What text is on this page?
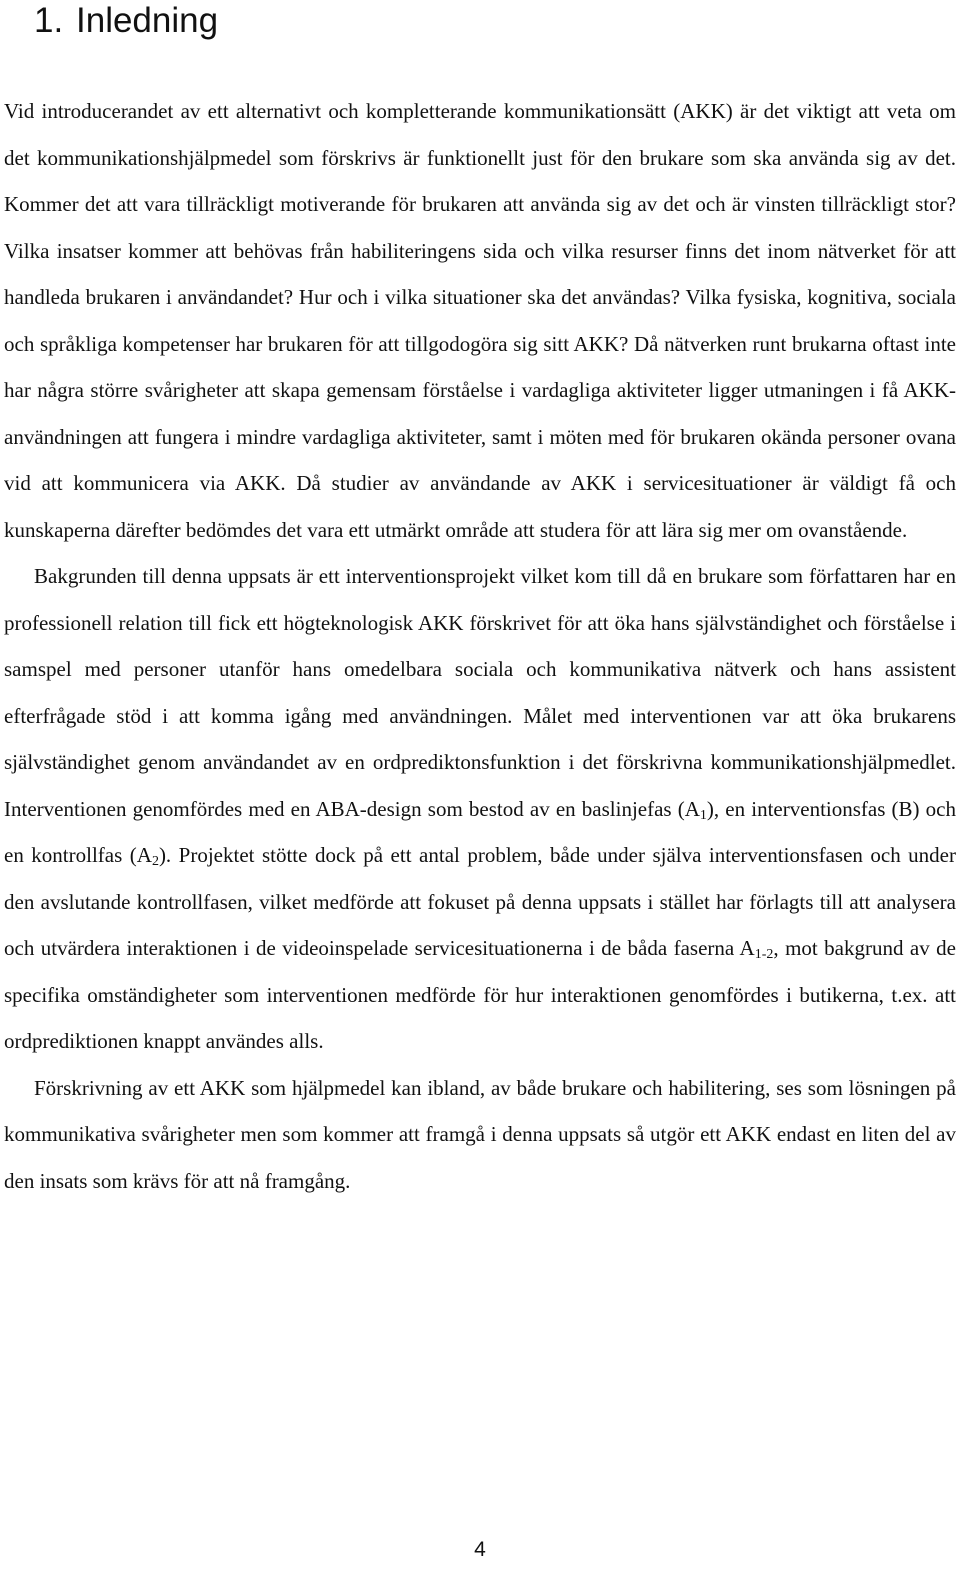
1. Inledning

Vid introducerandet av ett alternativt och kompletterande kommunikationsätt (AKK) är det viktigt att veta om det kommunikationshjälpmedel som förskrivs är funktionellt just för den brukare som ska använda sig av det. Kommer det att vara tillräckligt motiverande för brukaren att använda sig av det och är vinsten tillräckligt stor? Vilka insatser kommer att behövas från habiliteringens sida och vilka resurser finns det inom nätverket för att handleda brukaren i användandet? Hur och i vilka situationer ska det användas? Vilka fysiska, kognitiva, sociala och språkliga kompetenser har brukaren för att tillgodogöra sig sitt AKK? Då nätverken runt brukarna oftast inte har några större svårigheter att skapa gemensam förståelse i vardagliga aktiviteter ligger utmaningen i få AKK-användningen att fungera i mindre vardagliga aktiviteter, samt i möten med för brukaren okända personer ovana vid att kommunicera via AKK. Då studier av användande av AKK i servicesituationer är väldigt få och kunskaperna därefter bedömdes det vara ett utmärkt område att studera för att lära sig mer om ovanstående.

Bakgrunden till denna uppsats är ett interventionsprojekt vilket kom till då en brukare som författaren har en professionell relation till fick ett högteknologisk AKK förskrivet för att öka hans självständighet och förståelse i samspel med personer utanför hans omedelbara sociala och kommunikativa nätverk och hans assistent efterfrågade stöd i att komma igång med användningen. Målet med interventionen var att öka brukarens självständighet genom användandet av en ordprediktonsfunktion i det förskrivna kommunikationshjälpmedlet. Interventionen genomfördes med en ABA-design som bestod av en baslinjefas $(A_1)$, en interventionsfas (B) och en kontrollfas $(A_2)$. Projektet stötte dock på ett antal problem, både under själva interventionsfasen och under den avslutande kontrollfasen, vilket medförde att fokuset på denna uppsats i stället har förlagts till att analysera och utvärdera interaktionen i de videoinspelade servicesituationerna i de båda faserna $A_{1-2}$, mot bakgrund av de specifika omständigheter som interventionen medförde för hur interaktionen genomfördes i butikerna, t.ex. att ordprediktionen knappt användes alls.

Förskrivning av ett AKK som hjälpmedel kan ibland, av både brukare och habilitering, ses som lösningen på kommunikativa svårigheter men som kommer att framgå i denna uppsats så utgör ett AKK endast en liten del av den insats som krävs för att nå framgång.

4
